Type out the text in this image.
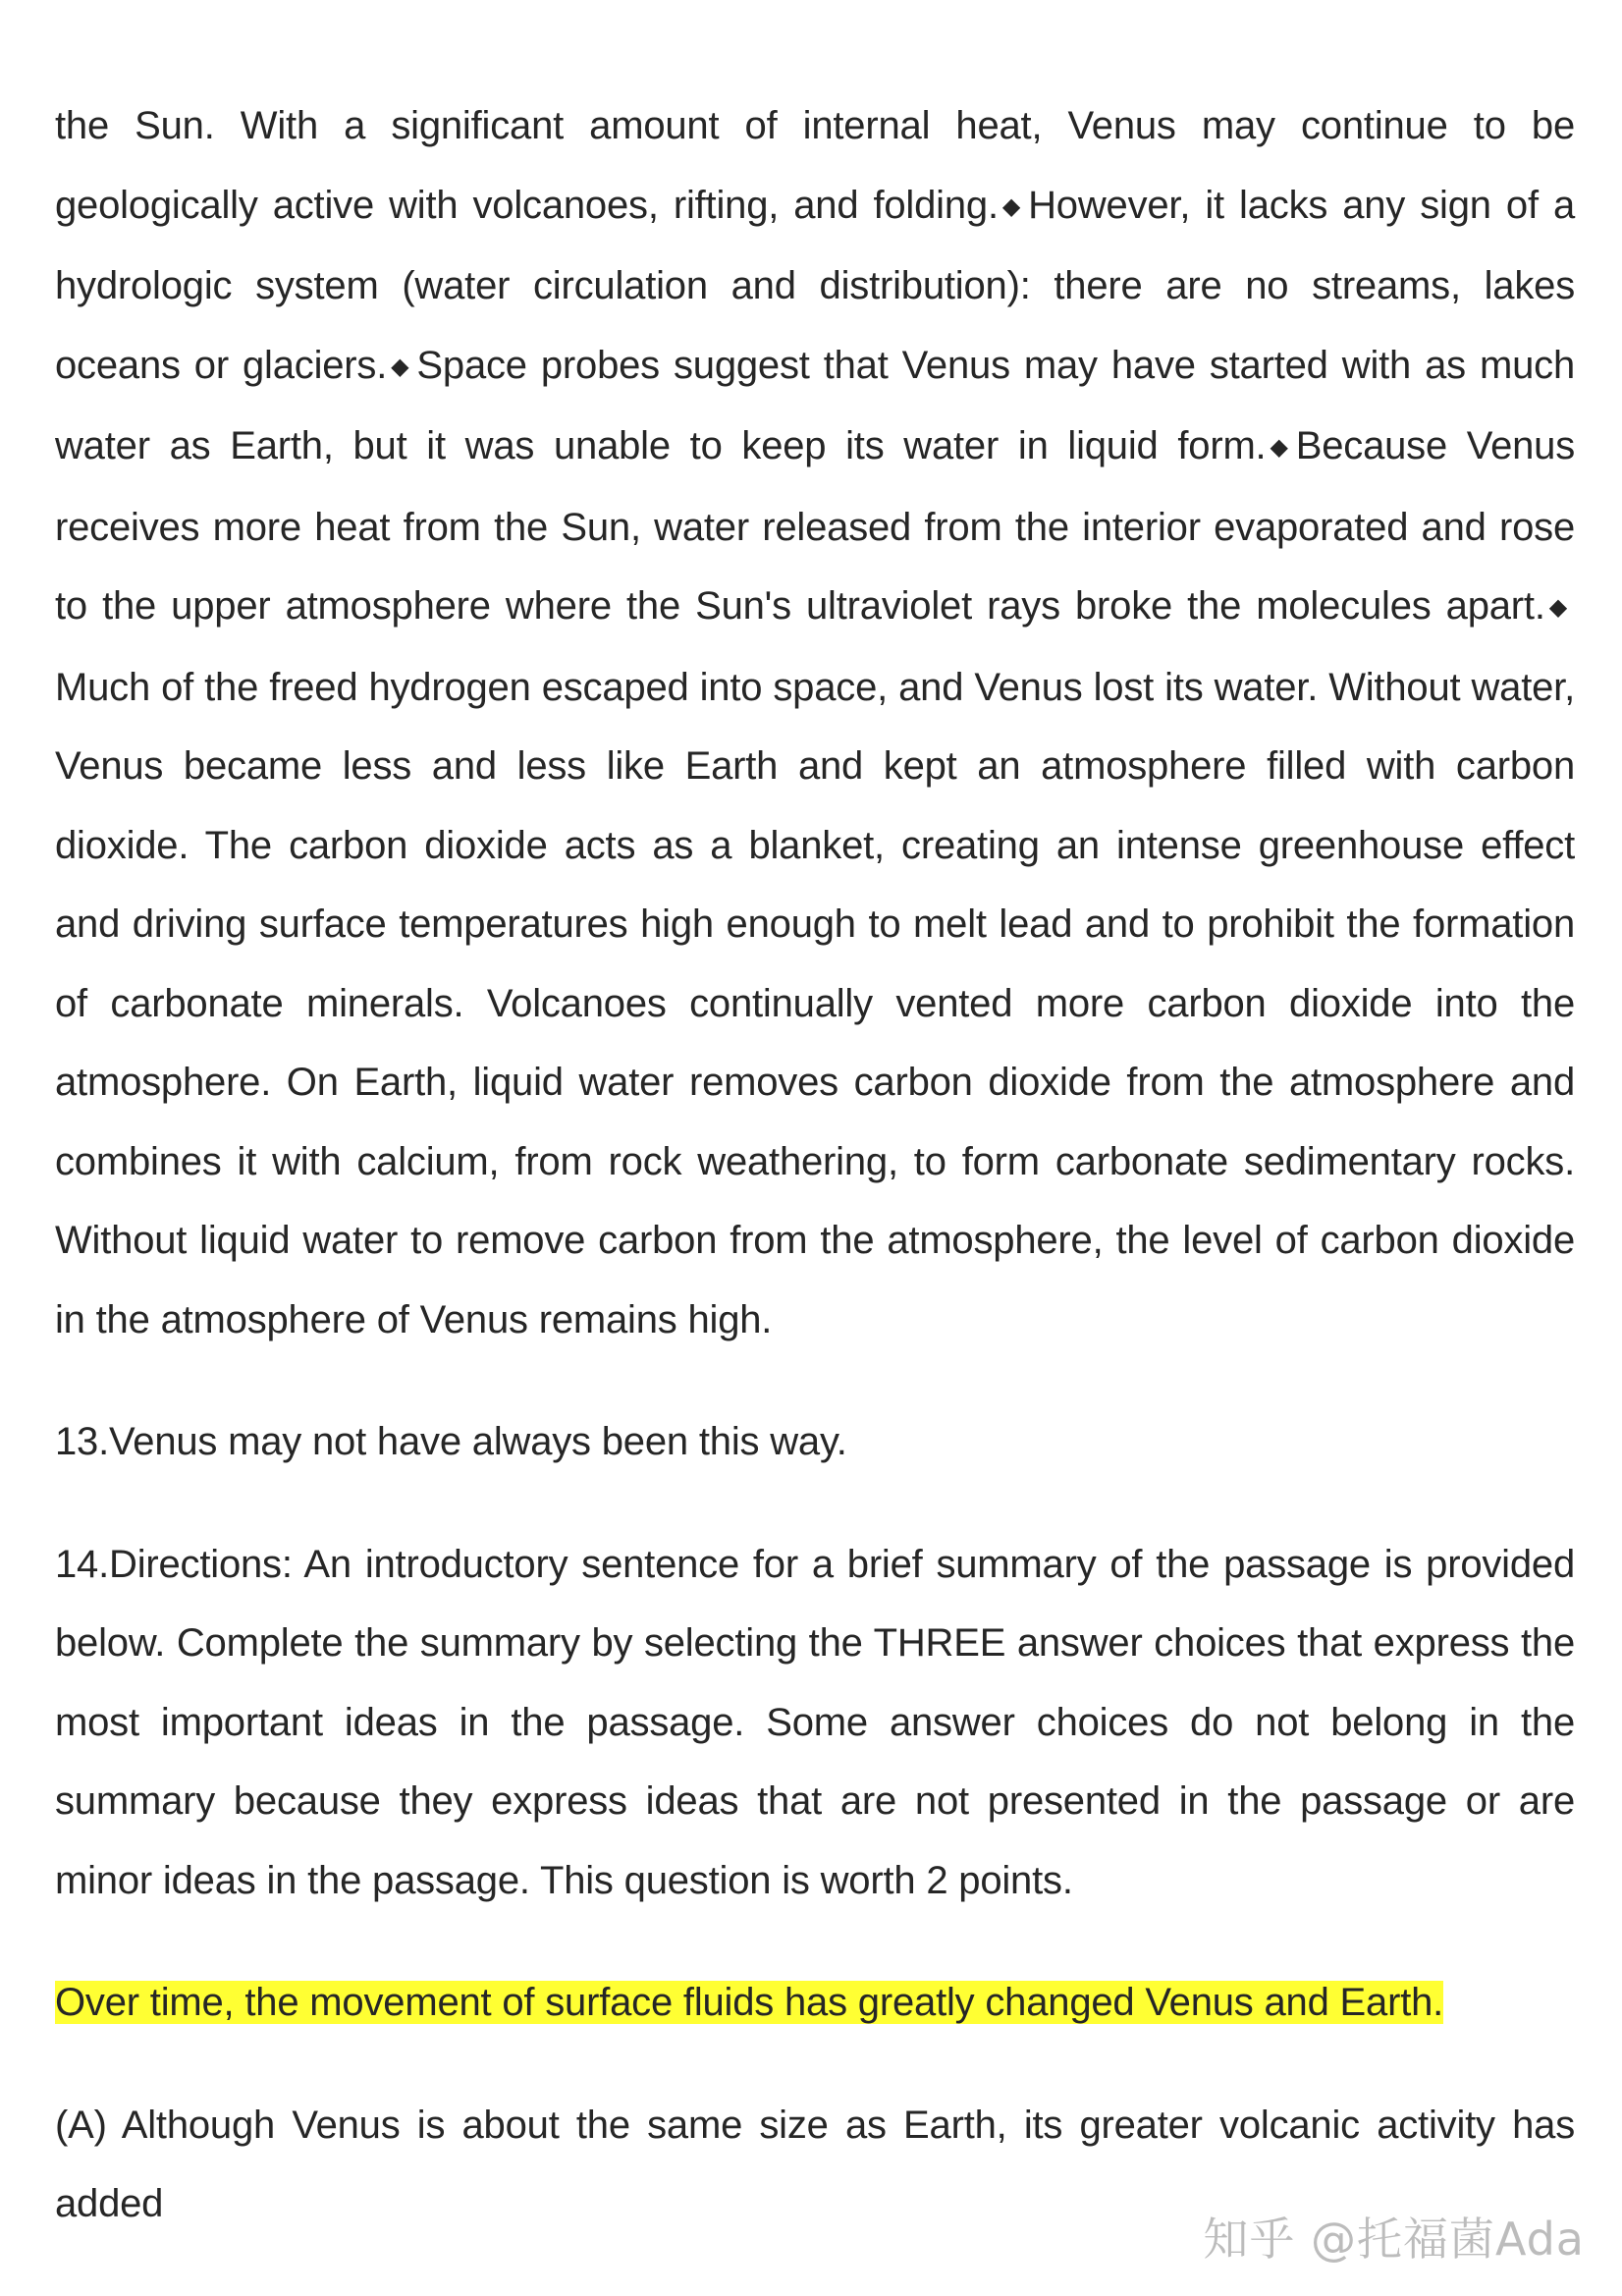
the Sun. With a significant amount of internal heat, Venus may continue to be geologically active with volcanoes, rifting, and folding. ◆ However, it lacks any sign of a hydrologic system (water circulation and distribution): there are no streams, lakes oceans or glaciers. ◆ Space probes suggest that Venus may have started with as much water as Earth, but it was unable to keep its water in liquid form. ◆ Because Venus receives more heat from the Sun, water released from the interior evaporated and rose to the upper atmosphere where the Sun's ultraviolet rays broke the molecules apart. ◆Much of the freed hydrogen escaped into space, and Venus lost its water. Without water, Venus became less and less like Earth and kept an atmosphere filled with carbon dioxide. The carbon dioxide acts as a blanket, creating an intense greenhouse effect and driving surface temperatures high enough to melt lead and to prohibit the formation of carbonate minerals. Volcanoes continually vented more carbon dioxide into the atmosphere. On Earth, liquid water removes carbon dioxide from the atmosphere and combines it with calcium, from rock weathering, to form carbonate sedimentary rocks. Without liquid water to remove carbon from the atmosphere, the level of carbon dioxide in the atmosphere of Venus remains high.

13.Venus may not have always been this way.

14.Directions: An introductory sentence for a brief summary of the passage is provided below. Complete the summary by selecting the THREE answer choices that express the most important ideas in the passage. Some answer choices do not belong in the summary because they express ideas that are not presented in the passage or are minor ideas in the passage. This question is worth 2 points.

Over time, the movement of surface fluids has greatly changed Venus and Earth.

(A) Although Venus is about the same size as Earth, its greater volcanic activity has added

知乎 @托福菌Ada
